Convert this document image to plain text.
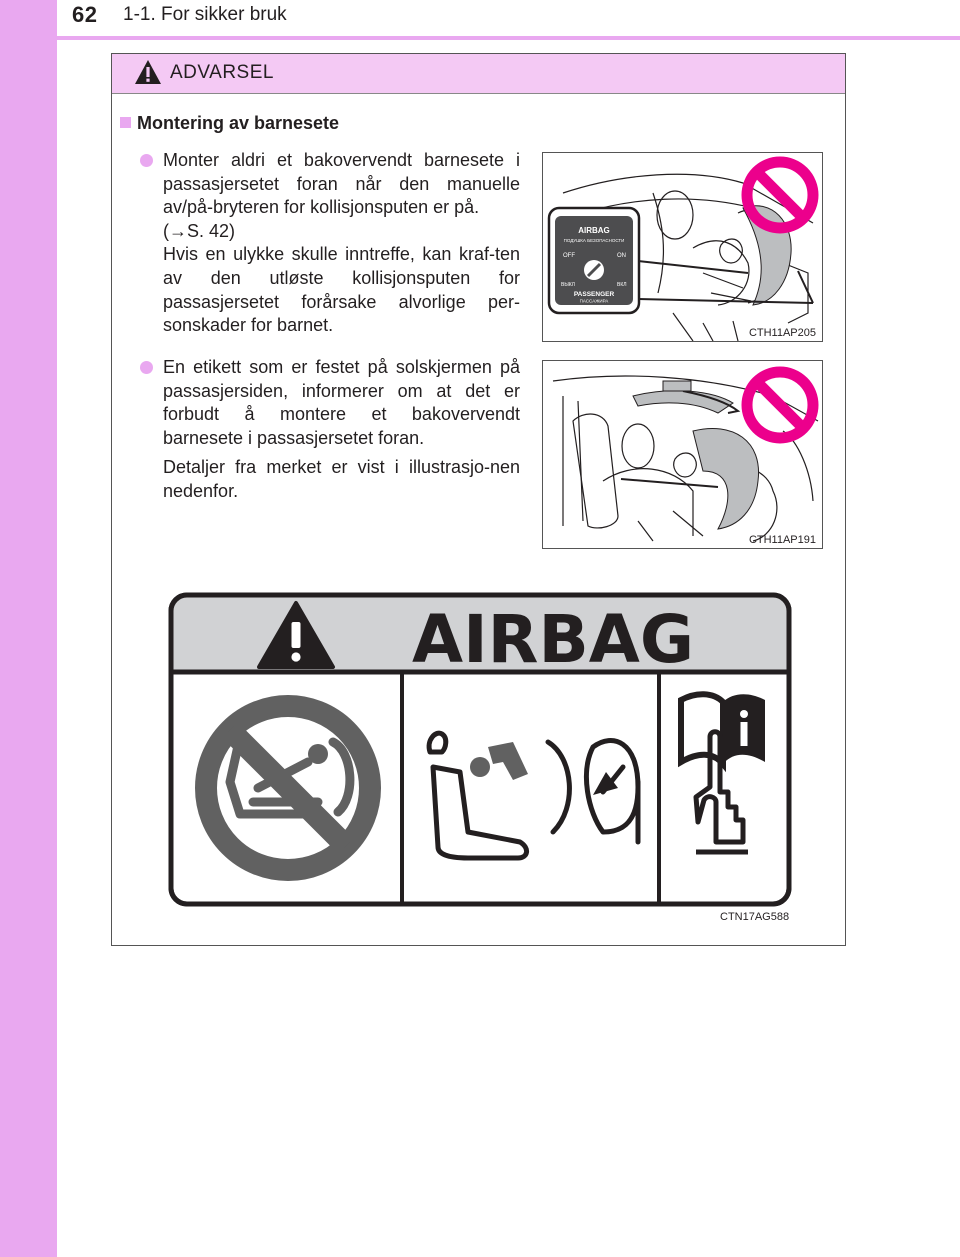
62 1-1. For sikker bruk
ADVARSEL
Montering av barnesete

Monter aldri et bakovervendt barnesete i passasjersetet foran når den manuelle av/på-bryteren for kollisjonsputen er på.

(→S. 42)

Hvis en ulykke skulle inntreffe, kan kraf-ten av den utløste kollisjonsputen for passasjersetet forårsake alvorlige per-sonskader for barnet.

AIRBAG
ПОДУШКА БЕЗОПАСНОСТИ
OFF	ON
ВЫКЛ	ВКЛ
PASSENGER
ПАССАЖИРА
CTH11AP205

En etikett som er festet på solskjermen på passasjersiden, informerer om at det er forbudt å montere et bakovervendt barnesete i passasjersetet foran.

Detaljer fra merket er vist i illustrasjo-nen nedenfor.

CTH11AP191
AIRBAG
CTN17AG588
